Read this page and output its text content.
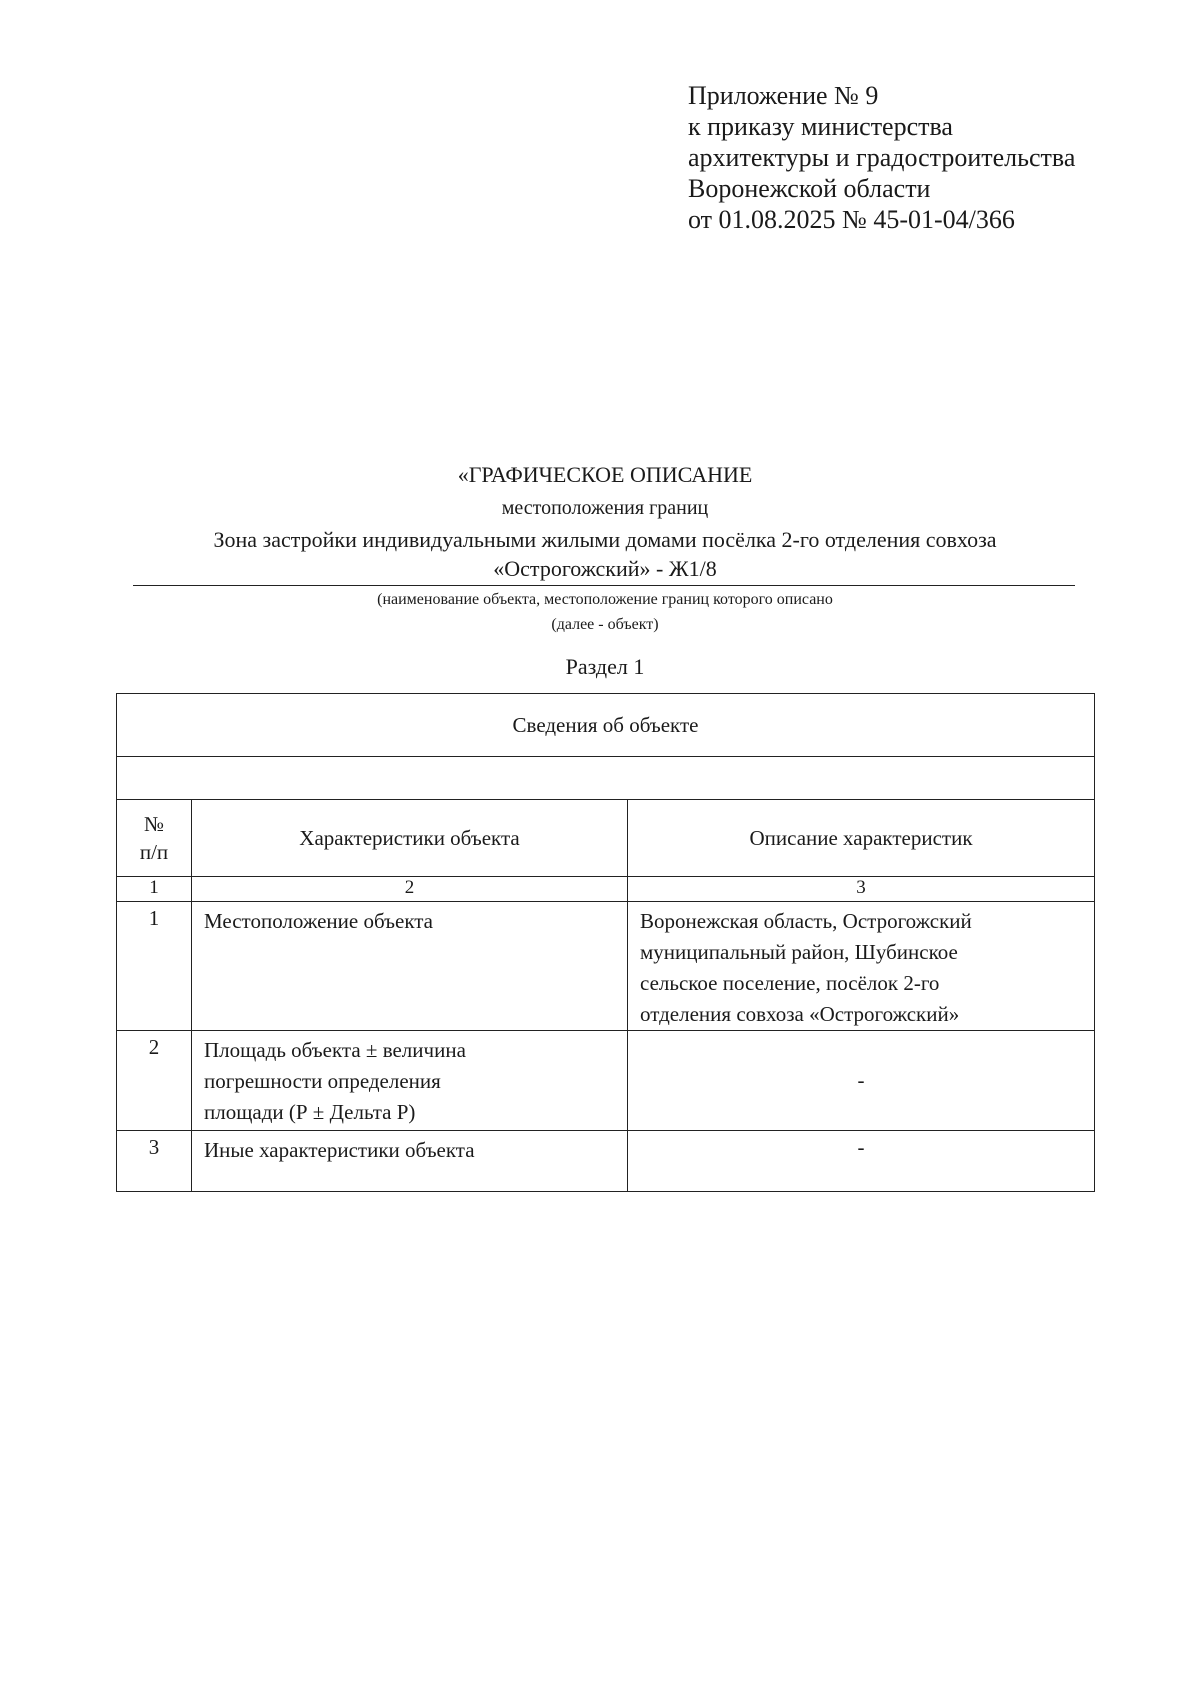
Приложение № 9
к приказу министерства
архитектуры и градостроительства
Воронежской области
от 01.08.2025 № 45-01-04/366
«ГРАФИЧЕСКОЕ ОПИСАНИЕ
местоположения границ
Зона застройки индивидуальными жилыми домами посёлка 2-го отделения совхоза
«Острогожский» - Ж1/8
(наименование объекта, местоположение границ которого описано
(далее - объект)
Раздел 1
Сведения об объекте		

№
п/п	Характеристики объекта	Описание характеристик
1	2	3
1	Местоположение объекта	Воронежская область, Острогожский
муниципальный район, Шубинское
сельское поселение, посёлок 2-го
отделения совхоза «Острогожский»

2	Площадь объекта ± величина
погрешности определения
площади (Р ± Дельта Р)	-
3	Иные характеристики объекта	-
